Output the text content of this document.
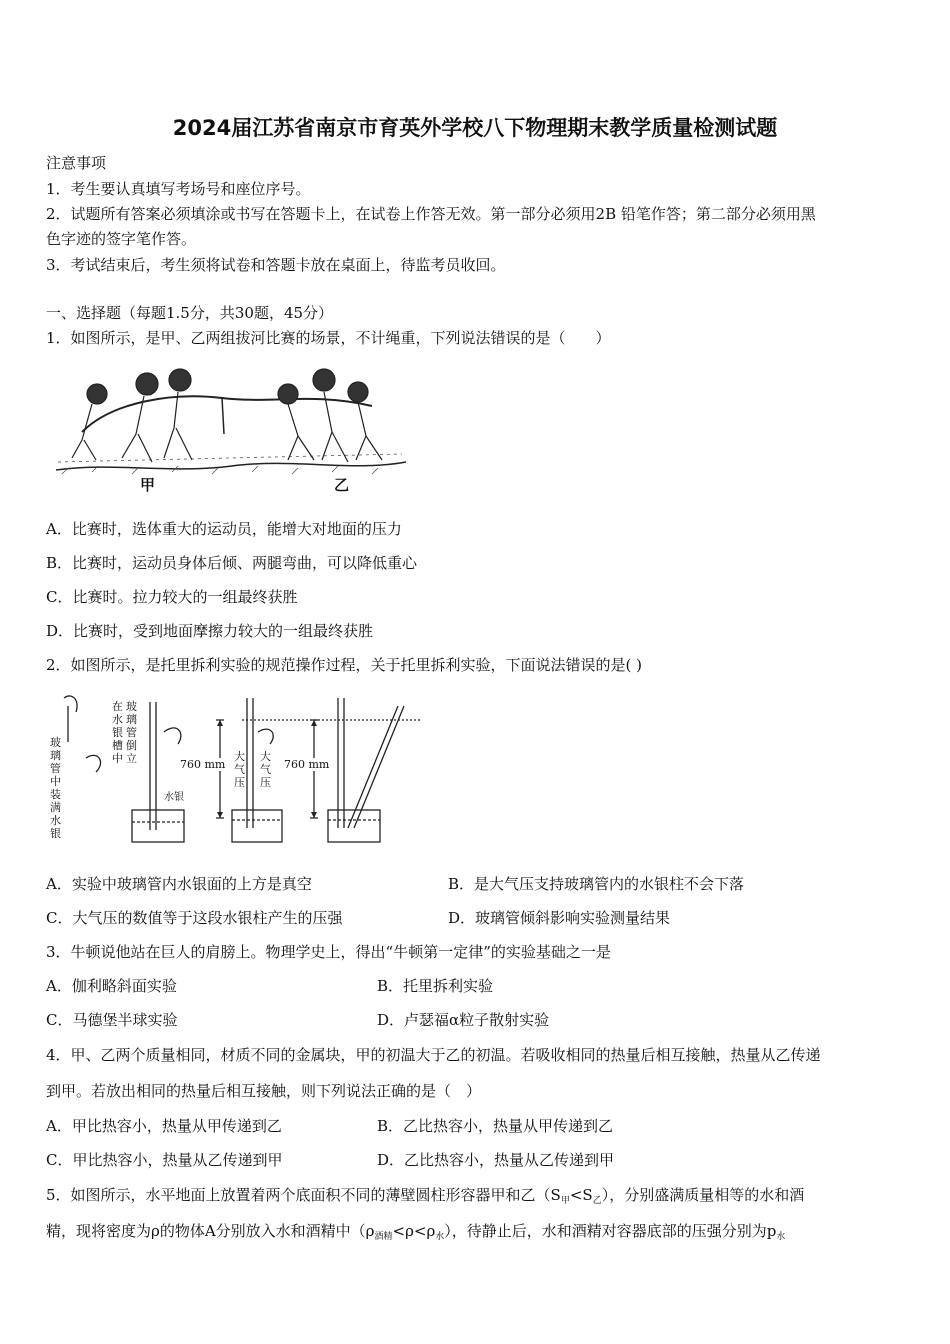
2024届江苏省南京市育英外学校八下物理期末教学质量检测试题
注意事项
1．考生要认真填写考场号和座位序号。
2．试题所有答案必须填涂或书写在答题卡上，在试卷上作答无效。第一部分必须用2B 铅笔作答；第二部分必须用黑
色字迹的签字笔作答。
3．考试结束后，考生须将试卷和答题卡放在桌面上，待监考员收回。
一、选择题（每题1.5分，共30题，45分）
1．如图所示，是甲、乙两组拔河比赛的场景，不计绳重，下列说法错误的是（　　）
甲	乙
A．比赛时，选体重大的运动员，能增大对地面的压力
B．比赛时，运动员身体后倾、两腿弯曲，可以降低重心
C．比赛时。拉力较大的一组最终获胜
D．比赛时，受到地面摩擦力较大的一组最终获胜
2．如图所示，是托里拆利实验的规范操作过程，关于托里拆利实验，下面说法错误的是( )
玻璃管中装满水银
在水银槽中
玻璃管倒立
水银
760 mm
大气压
大气压
760 mm
A．实验中玻璃管内水银面的上方是真空	B．是大气压支持玻璃管内的水银柱不会下落
C．大气压的数值等于这段水银柱产生的压强	D．玻璃管倾斜影响实验测量结果
3．牛顿说他站在巨人的肩膀上。物理学史上，得出“牛顿第一定律”的实验基础之一是
A．伽利略斜面实验	B．托里拆利实验
C．马德堡半球实验	D．卢瑟福α粒子散射实验
4．甲、乙两个质量相同，材质不同的金属块，甲的初温大于乙的初温。若吸收相同的热量后相互接触，热量从乙传递
到甲。若放出相同的热量后相互接触，则下列说法正确的是（　）
A．甲比热容小，热量从甲传递到乙	B．乙比热容小，热量从甲传递到乙
C．甲比热容小，热量从乙传递到甲	D．乙比热容小，热量从乙传递到甲
5．如图所示，水平地面上放置着两个底面积不同的薄壁圆柱形容器甲和乙$(S_甲<S_乙)$，分别盛满质量相等的水和酒
精，现将密度为ρ的物体A分别放入水和酒精中$(\rho_{酒精}<\rho<\rho_水)$，待静止后，水和酒精对容器底部的压强分别为$p_水$
